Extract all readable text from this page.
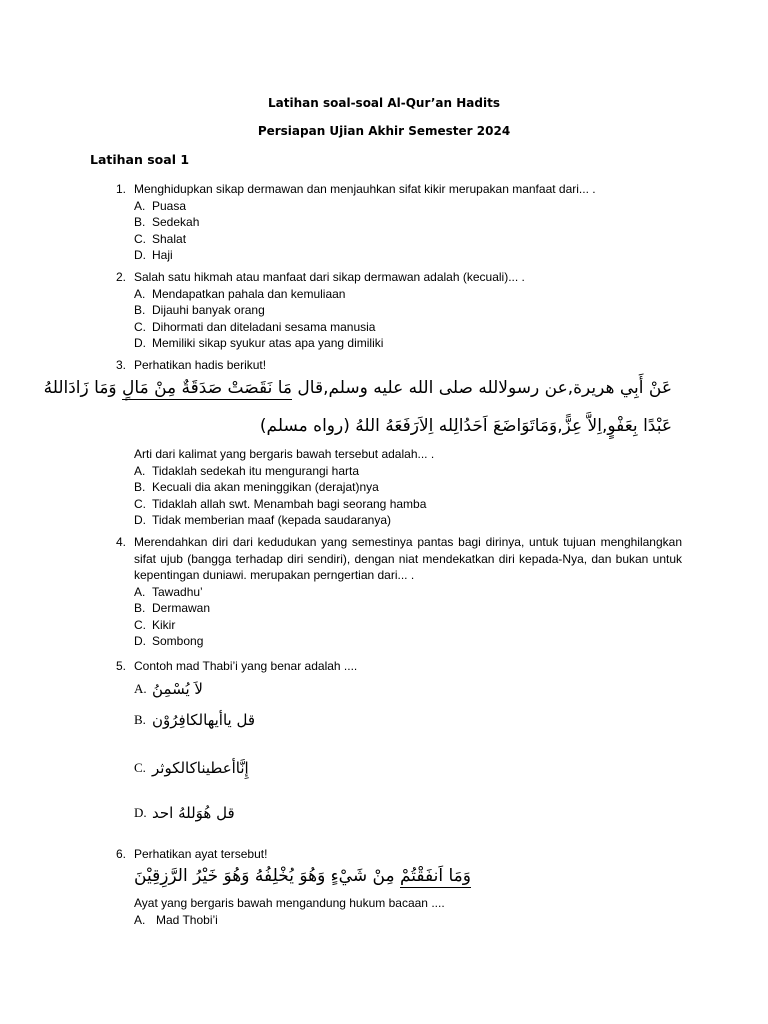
Latihan soal-soal Al-Qur’an Hadits
Persiapan Ujian Akhir Semester 2024
Latihan soal 1
1. Menghidupkan sikap dermawan dan menjauhkan sifat kikir merupakan manfaat dari... .
A. Puasa
B. Sedekah
C. Shalat
D. Haji
2. Salah satu hikmah atau manfaat dari sikap dermawan adalah (kecuali)... .
A. Mendapatkan pahala dan kemuliaan
B. Dijauhi banyak orang
C. Dihormati dan diteladani sesama manusia
D. Memiliki sikap syukur atas apa yang dimiliki
3. Perhatikan hadis berikut!
عَنْ أَبِي هريرة,عن رسولالله صلى الله عليه وسلم,قال مَا نَقَصَتْ صَدَقَةٌ مِنْ مَالٍ وَمَا زَادَاللهُ
عَبْدًا بِعَفْوٍ,اِلاَّ عِزًّ,وَمَاتَوَاضَعَ اَحَدُالِله اِلاَرَفَعَهُ اللهُ (رواه مسلم)
Arti dari kalimat yang bergaris bawah tersebut adalah... .
A. Tidaklah sedekah itu mengurangi harta
B. Kecuali dia akan meninggikan (derajat)nya
C. Tidaklah allah swt. Menambah bagi seorang hamba
D. Tidak memberian maaf (kepada saudaranya)
4. Merendahkan diri dari kedudukan yang semestinya pantas bagi dirinya, untuk tujuan menghilangkan sifat ujub (bangga terhadap diri sendiri), dengan niat mendekatkan diri kepada-Nya, dan bukan untuk kepentingan duniawi. merupakan perngertian dari... .
A. Tawadhu’
B. Dermawan
C. Kikir
D. Sombong
5. Contoh mad Thabi’i yang benar adalah ....
A. لاَ يُسْمِنُ
B. قل ياأيهالكافِرُوْن
C. إِنَّاأعطيناكالكوثر
D. قل هُوَللهُ احد
6. Perhatikan ayat tersebut!
وَمَا اَنفَقْتُمْ مِنْ شَيْءٍ وَهُوَ يُخْلِفُهُ وَهُوَ خَيْرُ الرَّزِقِيْنَ
Ayat yang bergaris bawah mengandung hukum bacaan ....
A. Mad Thobi’i
